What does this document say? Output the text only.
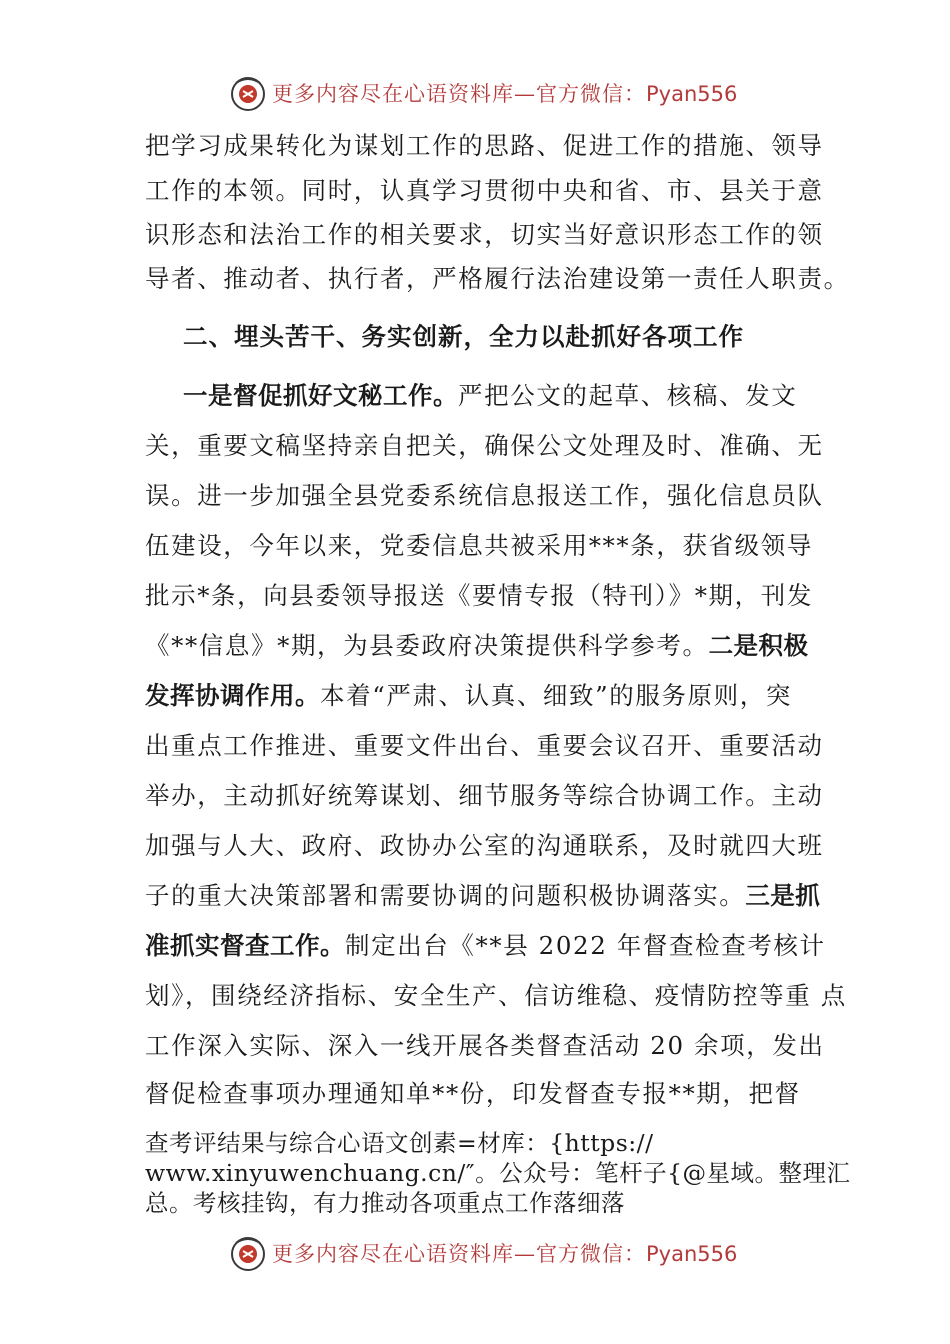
更多内容尽在心语资料库—官方微信：Pyan556
把学习成果转化为谋划工作的思路、促进工作的措施、领导
工作的本领。同时，认真学习贯彻中央和省、市、县关于意
识形态和法治工作的相关要求，切实当好意识形态工作的领
导者、推动者、执行者，严格履行法治建设第一责任人职责。
二、埋头苦干、务实创新，全力以赴抓好各项工作
一是督促抓好文秘工作。严把公文的起草、核稿、发文
关，重要文稿坚持亲自把关，确保公文处理及时、准确、无
误。进一步加强全县党委系统信息报送工作，强化信息员队
伍建设，今年以来，党委信息共被采用***条，获省级领导
批示*条，向县委领导报送《要情专报（特刊）》*期，刊发
《**信息》*期，为县委政府决策提供科学参考。二是积极
发挥协调作用。本着“严肃、认真、细致”的服务原则，突
出重点工作推进、重要文件出台、重要会议召开、重要活动
举办，主动抓好统筹谋划、细节服务等综合协调工作。主动
加强与人大、政府、政协办公室的沟通联系，及时就四大班
子的重大决策部署和需要协调的问题积极协调落实。三是抓
准抓实督查工作。制定出台《**县 2022 年督查检查考核计
划》，围绕经济指标、安全生产、信访维稳、疫情防控等重 点
工作深入实际、深入一线开展各类督查活动 20 余项，发出
督促检查事项办理通知单**份，印发督查专报**期，把督
查考评结果与综合心语文创素=材库：{https://
www.xinyuwenchuang.cn/″。公众号：笔杆子{@星域。整理汇
总。考核挂钩，有力推动各项重点工作落细落
更多内容尽在心语资料库—官方微信：Pyan556
